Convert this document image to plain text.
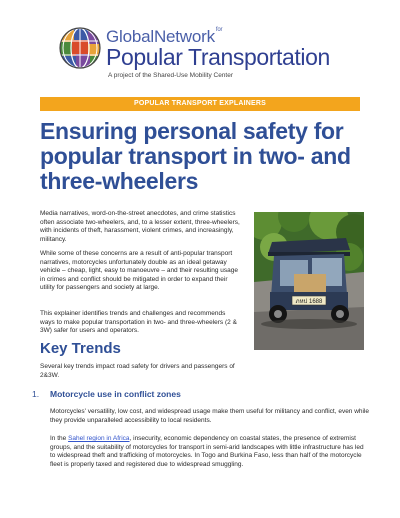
GlobalNetwork$^{for}$
Popular Transportation
A project of the Shared-Use Mobility Center
POPULAR TRANSPORT EXPLAINERS
Ensuring personal safety for popular transport in two- and three-wheelers

Media narratives, word-on-the-street anecdotes, and crime statistics often associate two-wheelers, and, to a lesser extent, three-wheelers, with incidents of theft, harassment, violent crimes, and increasingly, militancy.

While some of these concerns are a result of anti-popular transport narratives, motorcycles unfortunately double as an ideal getaway vehicle – cheap, light, easy to manoeuvre – and their resulting usage in crimes and conflict should be mitigated in order to expand their utility for passengers and society at large.

This explainer identifies trends and challenges and recommends ways to make popular transportation in two- and three-wheelers (2 & 3W) safer for users and operators.

ภหป 1688
Key Trends

Several key trends impact road safety for drivers and passengers of 2&3W.

1. Motorcycle use in conflict zones

Motorcycles' versatility, low cost, and widespread usage make them useful for militancy and conflict, even while they provide unparalleled accessibility to local residents.

In the Sahel region in Africa, insecurity, economic dependency on coastal states, the presence of extremist groups, and the suitability of motorcycles for transport in semi-arid landscapes with little infrastructure has led to widespread theft and trafficking of motorcycles. In Togo and Burkina Faso, less than half of the motorcycle fleet is properly taxed and registered due to widespread smuggling.
